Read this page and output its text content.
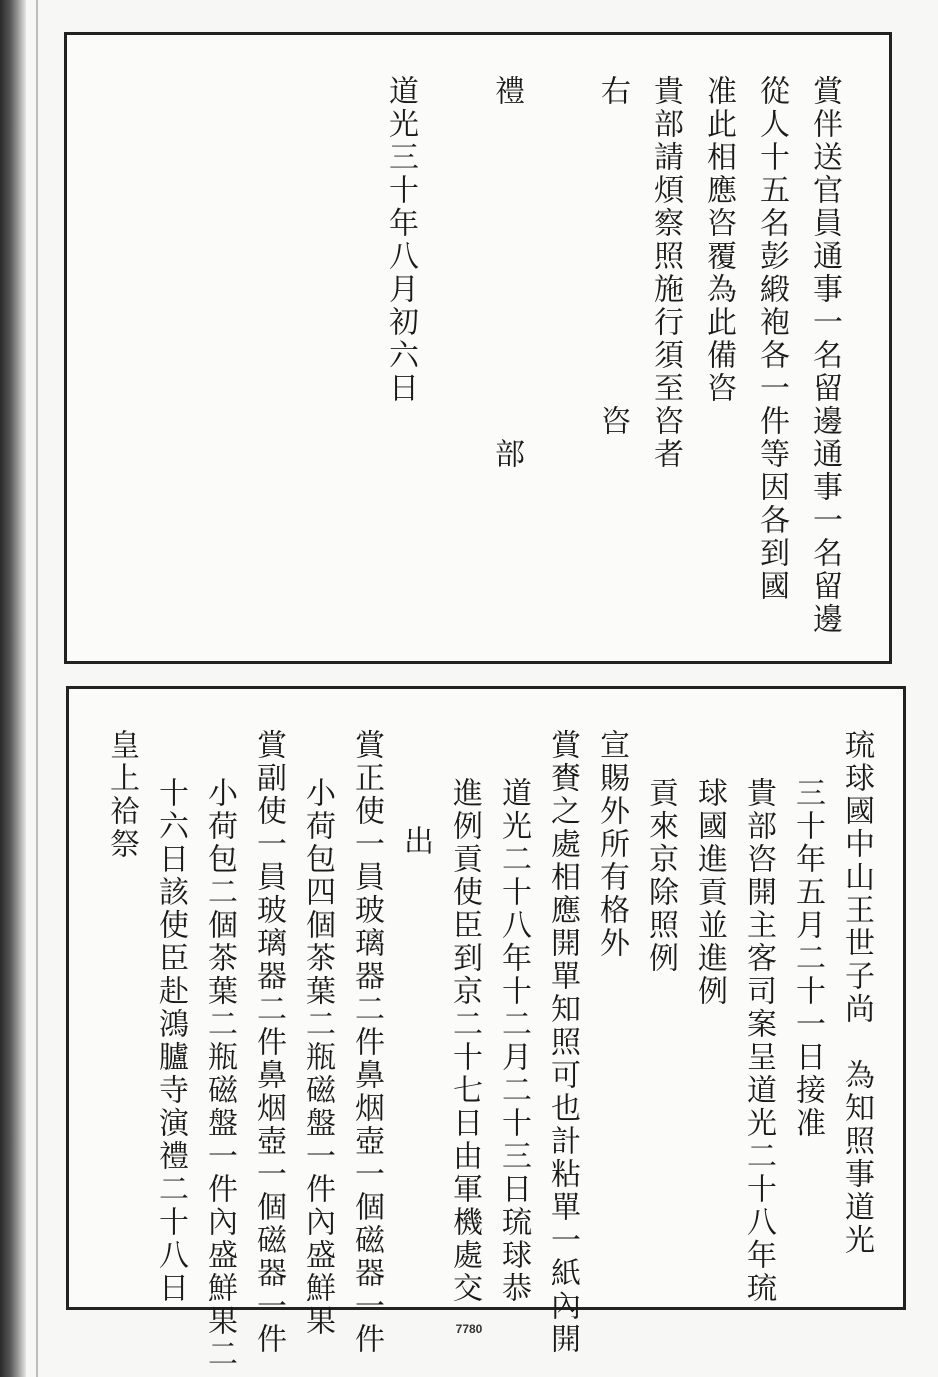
賞伴送官員通事一名留邊通事一名留邊
從人十五名彭緞袍各一件等因各到國
准此相應咨覆為此備咨
貴部請煩察照施行須至咨者
右　　　　　　　　　咨
禮　　　　　　　　　　部
道光三十年八月初六日
琉球國中山王世子尚　為知照事道光
三十年五月二十一日接准
貴部咨開主客司案呈道光二十八年琉
球國進貢並進例
貢來京除照例
宣賜外所有格外
賞賚之處相應開單知照可也計粘單一紙內開
道光二十八年十二月二十三日琉球恭
進例貢使臣到京二十七日由軍機處交
出
賞正使一員玻璃器二件鼻烟壺一個磁器一件
小荷包四個茶葉二瓶磁盤一件內盛鮮果
賞副使一員玻璃器二件鼻烟壺一個磁器一件
小荷包二個茶葉二瓶磁盤一件內盛鮮果二
十六日該使臣赴鴻臚寺演禮二十八日
皇上祫祭
7780
